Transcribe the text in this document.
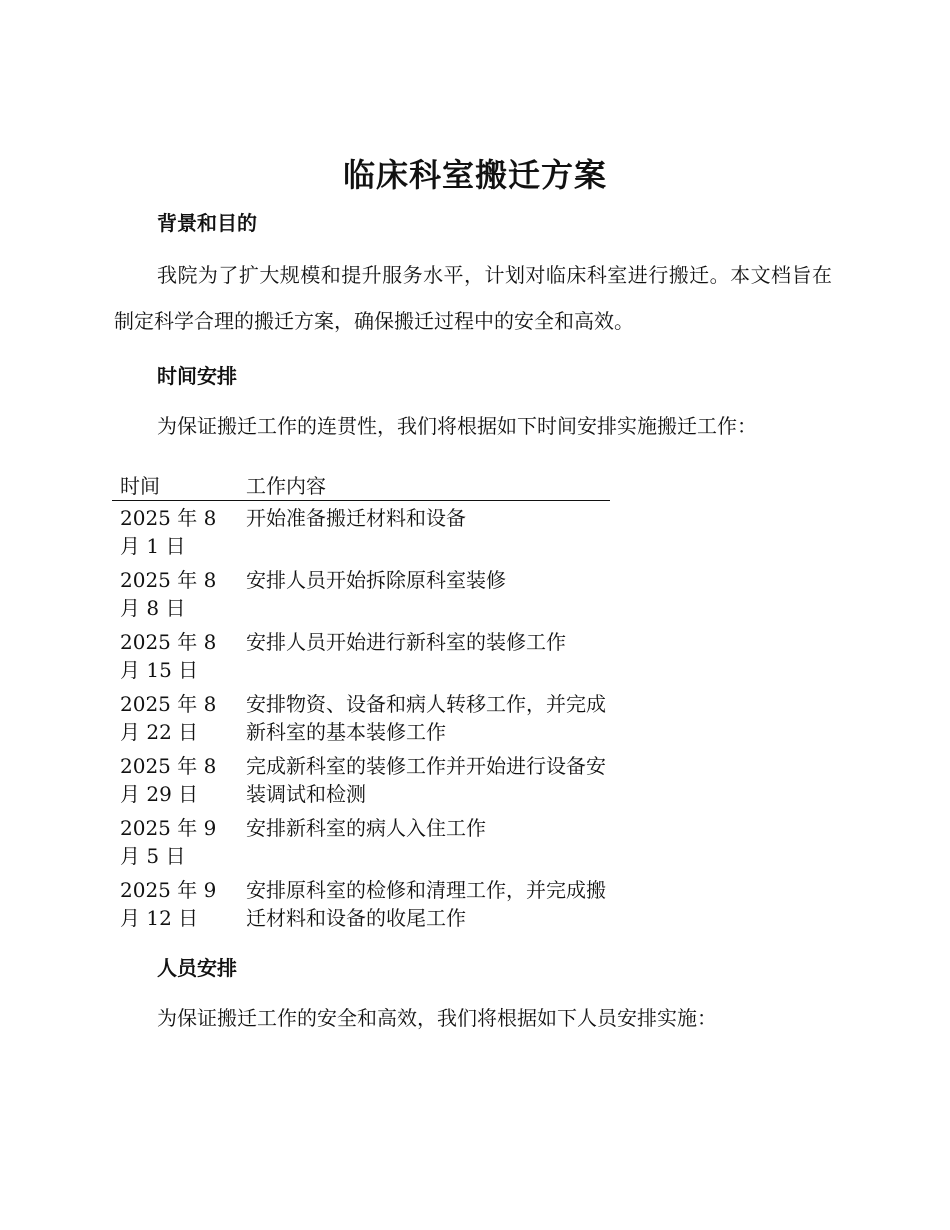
临床科室搬迁方案
背景和目的

我院为了扩大规模和提升服务水平，计划对临床科室进行搬迁。本文档旨在制定科学合理的搬迁方案，确保搬迁过程中的安全和高效。

时间安排

为保证搬迁工作的连贯性，我们将根据如下时间安排实施搬迁工作：

时间	工作内容
2025 年 8 月 1 日	开始准备搬迁材料和设备
2025 年 8 月 8 日	安排人员开始拆除原科室装修
2025 年 8 月 15 日	安排人员开始进行新科室的装修工作
2025 年 8 月 22 日	安排物资、设备和病人转移工作，并完成新科室的基本装修工作
2025 年 8 月 29 日	完成新科室的装修工作并开始进行设备安装调试和检测
2025 年 9 月 5 日	安排新科室的病人入住工作
2025 年 9 月 12 日	安排原科室的检修和清理工作，并完成搬迁材料和设备的收尾工作
人员安排

为保证搬迁工作的安全和高效，我们将根据如下人员安排实施：
